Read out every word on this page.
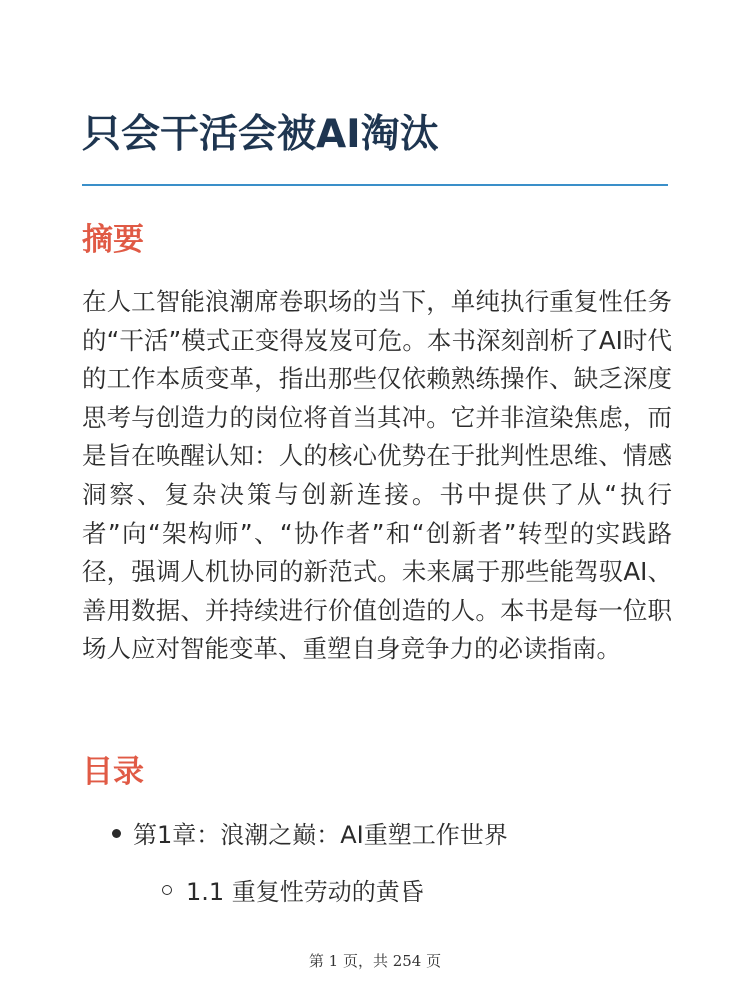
只会干活会被AI淘汰
摘要

在人工智能浪潮席卷职场的当下，单纯执行重复性任务的“干活”模式正变得岌岌可危。本书深刻剖析了AI时代的工作本质变革，指出那些仅依赖熟练操作、缺乏深度思考与创造力的岗位将首当其冲。它并非渲染焦虑，而是旨在唤醒认知：人的核心优势在于批判性思维、情感洞察、复杂决策与创新连接。书中提供了从“执行者”向“架构师”、“协作者”和“创新者”转型的实践路径，强调人机协同的新范式。未来属于那些能驾驭AI、善用数据、并持续进行价值创造的人。本书是每一位职场人应对智能变革、重塑自身竞争力的必读指南。

目录
第1章：浪潮之巅：AI重塑工作世界
1.1 重复性劳动的黄昏
第 1 页，共 254 页
